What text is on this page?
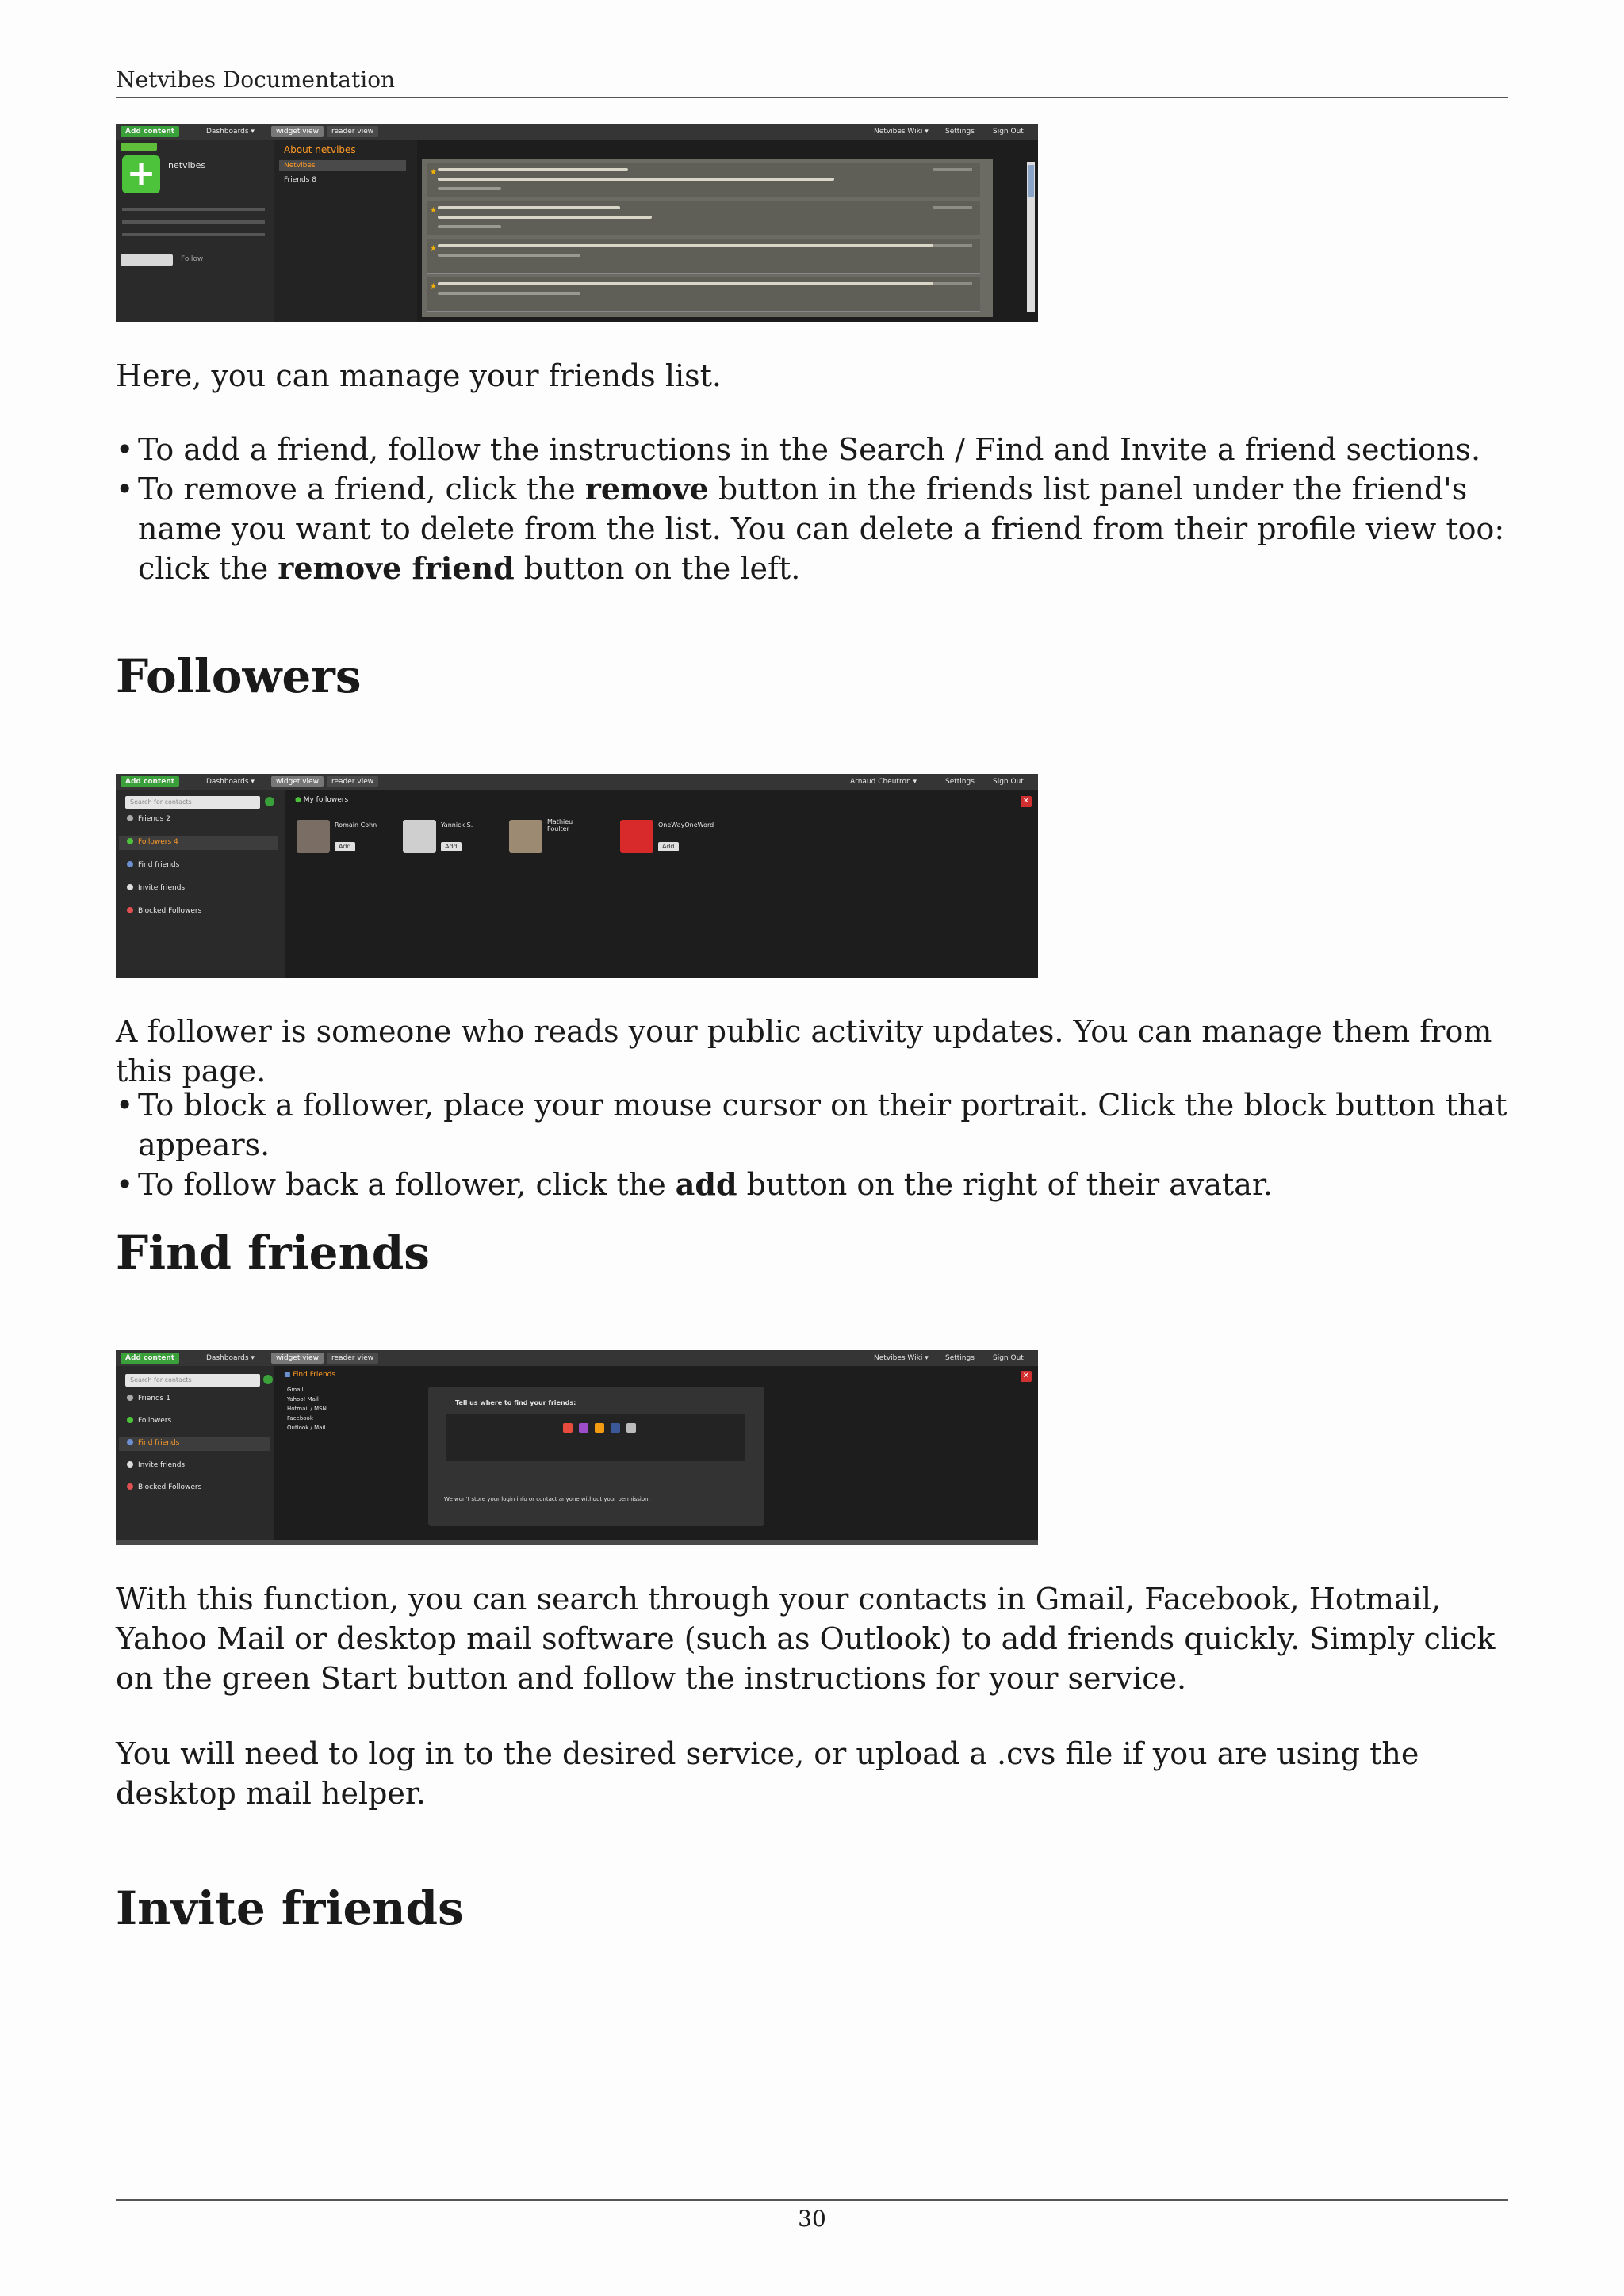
Netvibes Documentation
Add content	Dashboards ▾	widget view	reader view	Netvibes Wiki ▾	Settings	Sign Out
+	netvibes
Follow
About netvibes
Netvibes
Friends 8
★
★
★
★

Here, you can manage your friends list.

• To add a friend, follow the instructions in the Search / Find and Invite a friend sections.
• To remove a friend, click the remove button in the friends list panel under the friend's name you want to delete from the list. You can delete a friend from their profile view too: click the remove friend button on the left.
Followers
Add content	Dashboards ▾	widget view	reader view	Arnaud Cheutron ▾	Settings	Sign Out
Search for contacts
Friends 2
Followers 4
Find friends
Invite friends
Blocked Followers
● My followers	✕
Romain Cohn
Add
Yannick S.
Add
Mathieu Foulter
OneWayOneWord
Add

A follower is someone who reads your public activity updates. You can manage them from this page.

• To block a follower, place your mouse cursor on their portrait. Click the block button that appears.
• To follow back a follower, click the add button on the right of their avatar.
Find friends
Add content	Dashboards ▾	widget view	reader view	Netvibes Wiki ▾	Settings	Sign Out
Search for contacts
Friends 1
Followers
Find friends
Invite friends
Blocked Followers
■ Find Friends	✕
Gmail
Yahoo! Mail
Hotmail / MSN
Facebook
Outlook / Mail
Tell us where to find your friends:
We won't store your login info or contact anyone without your permission.

With this function, you can search through your contacts in Gmail, Facebook, Hotmail, Yahoo Mail or desktop mail software (such as Outlook) to add friends quickly. Simply click on the green Start button and follow the instructions for your service.

You will need to log in to the desired service, or upload a .cvs file if you are using the desktop mail helper.

Invite friends
30
